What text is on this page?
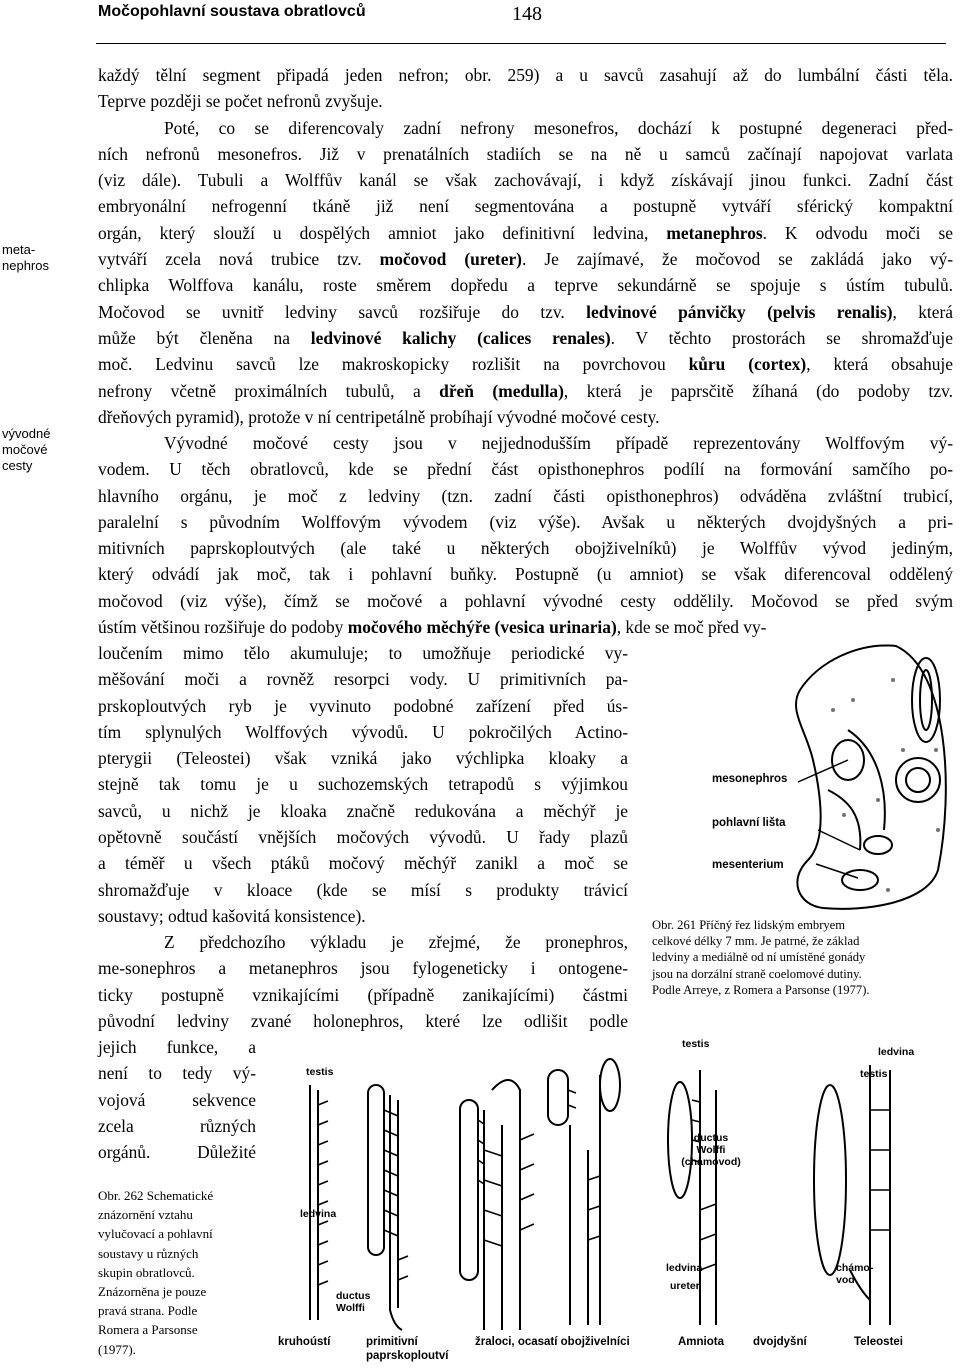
Močopohlavní soustava obratlovců	148
meta-
nephros
vývodné
močové
cesty
každý tělní segment připadá jeden nefron; obr. 259) a u savců zasahují až do lumbální části těla.
Teprve později se počet nefronů zvyšuje.
Poté, co se diferencovaly zadní nefrony mesonefros, dochází k postupné degeneraci před-
ních nefronů mesonefros. Již v prenatálních stadiích se na ně u samců začínají napojovat varlata
(viz dále). Tubuli a Wolffův kanál se však zachovávají, i když získávají jinou funkci. Zadní část
embryonální nefrogenní tkáně již není segmentována a postupně vytváří sférický kompaktní
orgán, který slouží u dospělých amniot jako definitivní ledvina, metanephros. K odvodu moči se
vytváří zcela nová trubice tzv. močovod (ureter). Je zajímavé, že močovod se zakládá jako vý-
chlipka Wolffova kanálu, roste směrem dopředu a teprve sekundárně se spojuje s ústím tubulů.
Močovod se uvnitř ledviny savců rozšiřuje do tzv. ledvinové pánvičky (pelvis renalis), která
může být členěna na ledvinové kalichy (calices renales). V těchto prostorách se shromažďuje
moč. Ledvinu savců lze makroskopicky rozlišit na povrchovou kůru (cortex), která obsahuje
nefrony včetně proximálních tubulů, a dřeň (medulla), která je paprsčitě žíhaná (do podoby tzv.
dřeňových pyramid), protože v ní centripetálně probíhají vývodné močové cesty.
Vývodné močové cesty jsou v nejjednodušším případě reprezentovány Wolffovým vý-
vodem. U těch obratlovců, kde se přední část opisthonephros podílí na formování samčího po-
hlavního orgánu, je moč z ledviny (tzn. zadní části opisthonephros) odváděna zvláštní trubicí,
paralelní s původním Wolffovým vývodem (viz výše). Avšak u některých dvojdyšných a pri-
mitivních paprskoploutvých (ale také u některých obojživelníků) je Wolffův vývod jediným,
který odvádí jak moč, tak i pohlavní buňky. Postupně (u amniot) se však diferencoval oddělený
močovod (viz výše), čímž se močové a pohlavní vývodné cesty oddělily. Močovod se před svým
ústím většinou rozšiřuje do podoby močového měchýře (vesica urinaria), kde se moč před vy-
loučením mimo tělo akumuluje; to umožňuje periodické vy-
měšování moči a rovněž resorpci vody. U primitivních pa-
prskoploutvých ryb je vyvinuto podobné zařízení před ús-
tím splynulých Wolffových vývodů. U pokročilých Actino-
pterygii (Teleostei) však vzniká jako výchlipka kloaky a
stejně tak tomu je u suchozemských tetrapodů s výjimkou
savců, u nichž je kloaka značně redukována a měchýř je
opětovně součástí vnějších močových vývodů. U řady plazů
a téměř u všech ptáků močový měchýř zanikl a moč se
shromažďuje v kloace (kde se mísí s produkty trávicí
soustavy; odtud kašovitá konsistence).
Z předchozího výkladu je zřejmé, že pronephros,
me-sonephros a metanephros jsou fylogeneticky i ontogene-
ticky postupně vznikajícími (případně zanikajícími) částmi
původní ledviny zvané holonephros, které lze odlišit podle
jejich funkce, a
není to tedy vý-
vojová sekvence
zcela různých
orgánů. Důležité
mesonephros
pohlavní lišta
mesenterium
Obr. 261 Příčný řez lidským embryem
celkové délky 7 mm. Je patrné, že základ
ledviny a mediálně od ní umístěné gonády
jsou na dorzální straně coelomové dutiny.
Podle Arreye, z Romera a Parsonse (1977).
testis
ledvina
ductus
Wolffi
testis
ledvina
testis
ductus
Wolffi
(chámovod)
ledvina
ureter
chámo-
vod
kruhoústí	primitivní
paprskoploutví
žraloci, ocasatí obojživelníci	Amniota	dvojdyšní	Teleostei
Obr. 262 Schematické
znázornění vztahu
vylučovací a pohlavní
soustavy u různých
skupin obratlovců.
Znázorněna je pouze
pravá strana. Podle
Romera a Parsonse
(1977).
